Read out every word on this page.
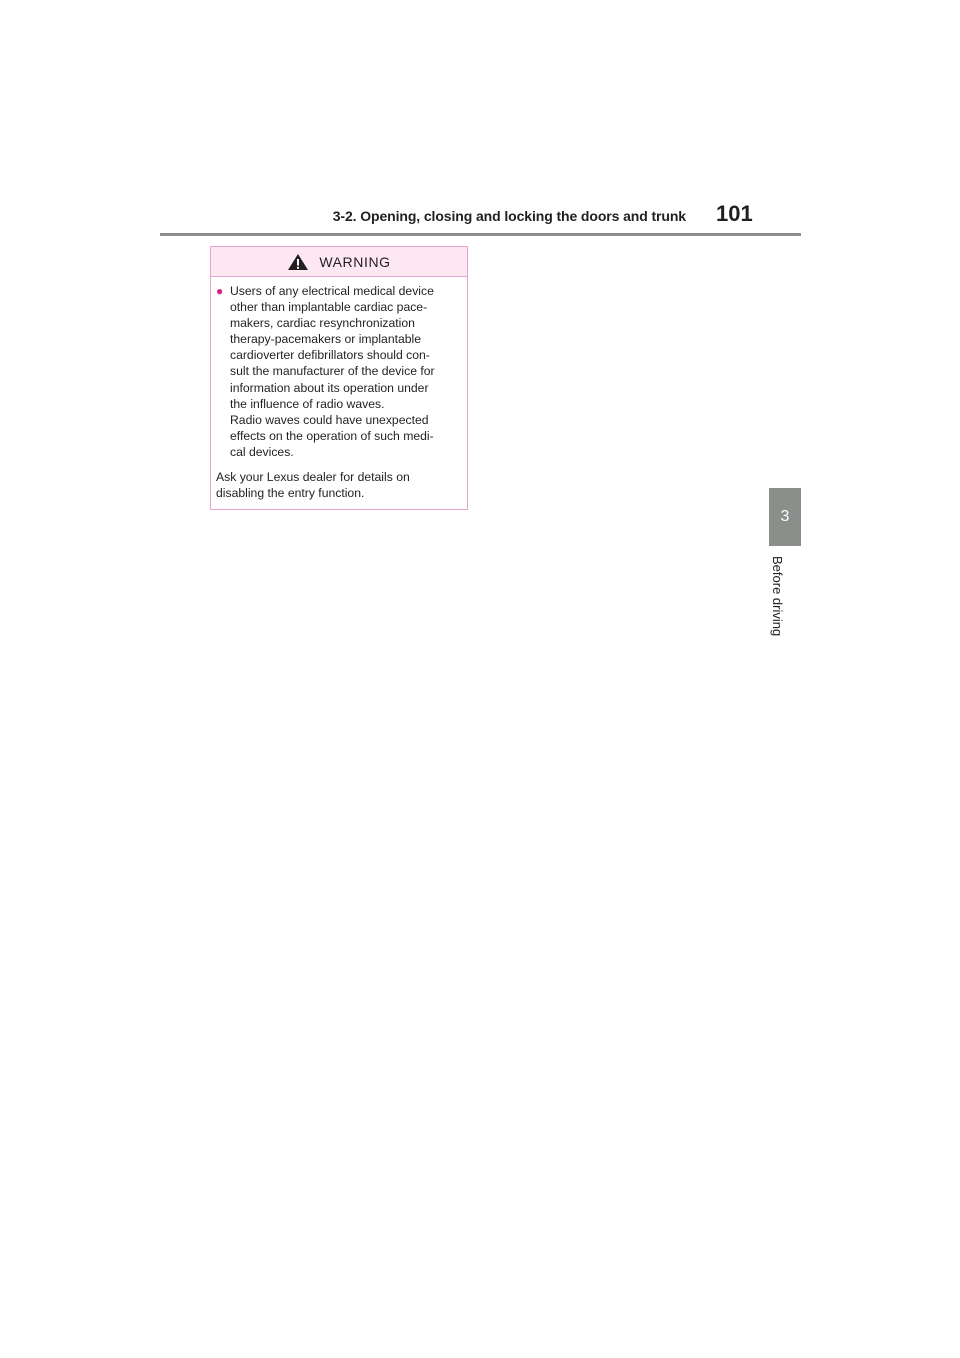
3-2. Opening, closing and locking the doors and trunk 101
3
Before driving
WARNING
● Users of any electrical medical device
other than implantable cardiac pace-
makers, cardiac resynchronization
therapy-pacemakers or implantable
cardioverter defibrillators should con-
sult the manufacturer of the device for
information about its operation under
the influence of radio waves.
Radio waves could have unexpected
effects on the operation of such medi-
cal devices.
Ask your Lexus dealer for details on
disabling the entry function.
